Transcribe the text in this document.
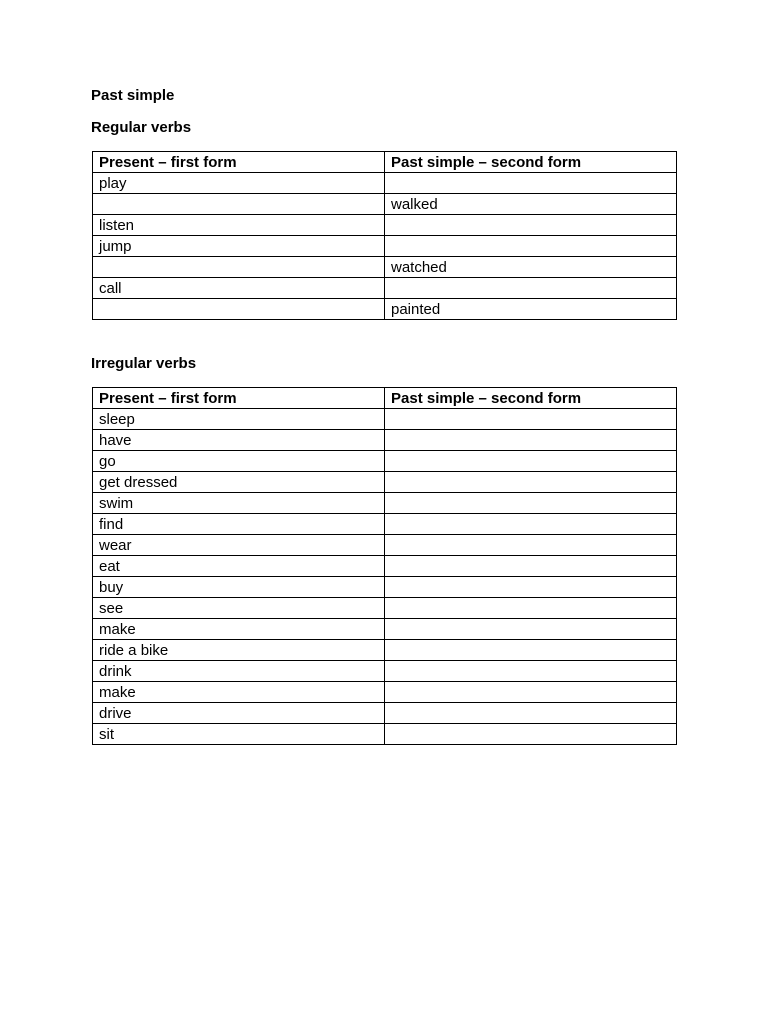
Past simple

Regular verbs

Present – first form	Past simple – second form
play	
	walked
listen	
jump	
	watched
call	
	painted

Irregular verbs

Present – first form	Past simple – second form
sleep	
have	
go	
get dressed	
swim	
find	
wear	
eat	
buy	
see	
make	
ride a bike	
drink	
make	
drive	
sit	
